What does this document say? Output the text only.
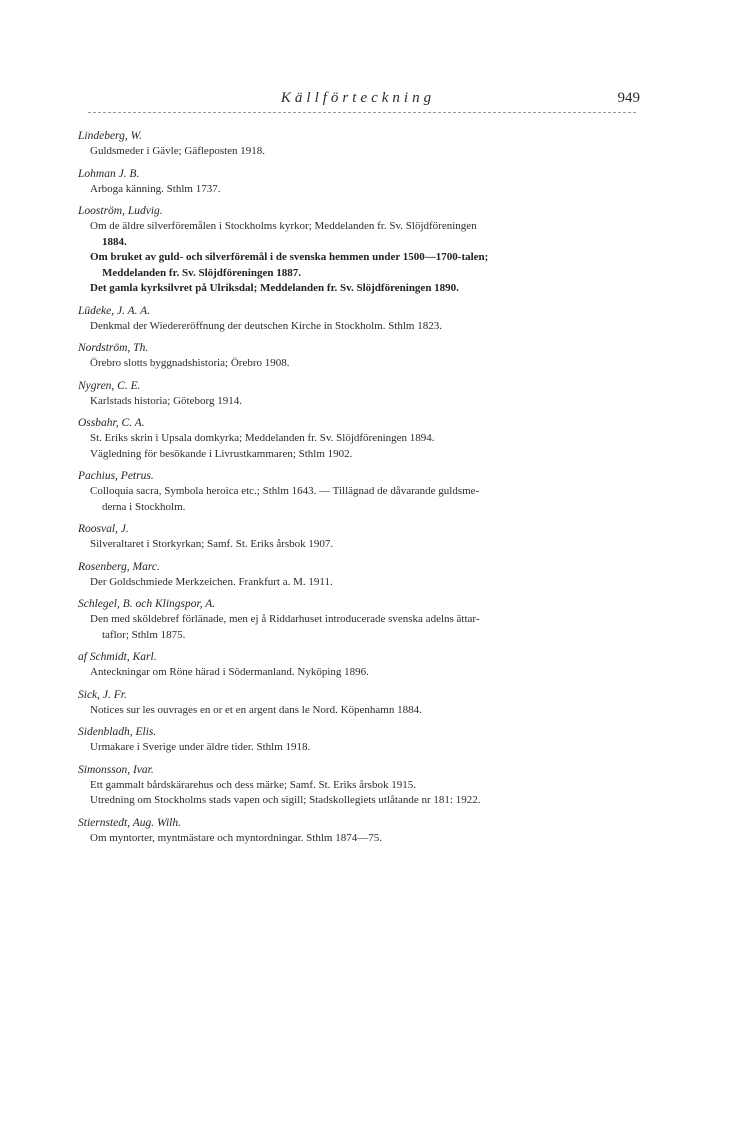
Källförteckning	949
Lindeberg, W.
Guldsmeder i Gävle; Gäfleposten 1918.
Lohman J. B.
Arboga känning. Sthlm 1737.
Looström, Ludvig.
Om de äldre silverföremålen i Stockholms kyrkor; Meddelanden fr. Sv. Slöjdföreningen
1884.
Om bruket av guld- och silverföremål i de svenska hemmen under 1500—1700-talen;
Meddelanden fr. Sv. Slöjdföreningen 1887.
Det gamla kyrksilvret på Ulriksdal; Meddelanden fr. Sv. Slöjdföreningen 1890.
Lüdeke, J. A. A.
Denkmal der Wiedereröffnung der deutschen Kirche in Stockholm. Sthlm 1823.
Nordström, Th.
Örebro slotts byggnadshistoria; Örebro 1908.
Nygren, C. E.
Karlstads historia; Göteborg 1914.
Ossbahr, C. A.
St. Eriks skrin i Upsala domkyrka; Meddelanden fr. Sv. Slöjdföreningen 1894.
Vägledning för besökande i Livrustkammaren; Sthlm 1902.
Pachius, Petrus.
Colloquia sacra, Symbola heroica etc.; Sthlm 1643. — Tillägnad de dåvarande guldsme-
derna i Stockholm.
Roosval, J.
Silveraltaret i Storkyrkan; Samf. St. Eriks årsbok 1907.
Rosenberg, Marc.
Der Goldschmiede Merkzeichen. Frankfurt a. M. 1911.
Schlegel, B. och Klingspor, A.
Den med sköldebref förlänade, men ej å Riddarhuset introducerade svenska adelns ättar-
taflor; Sthlm 1875.
af Schmidt, Karl.
Anteckningar om Röne härad i Södermanland. Nyköping 1896.
Sick, J. Fr.
Notices sur les ouvrages en or et en argent dans le Nord. Köpenhamn 1884.
Sidenbladh, Elis.
Urmakare i Sverige under äldre tider. Sthlm 1918.
Simonsson, Ivar.
Ett gammalt bårdskärarehus och dess märke; Samf. St. Eriks årsbok 1915.
Utredning om Stockholms stads vapen och sigill; Stadskollegiets utlåtande nr 181: 1922.
Stiernstedt, Aug. Wilh.
Om myntorter, myntmästare och myntordningar. Sthlm 1874—75.
